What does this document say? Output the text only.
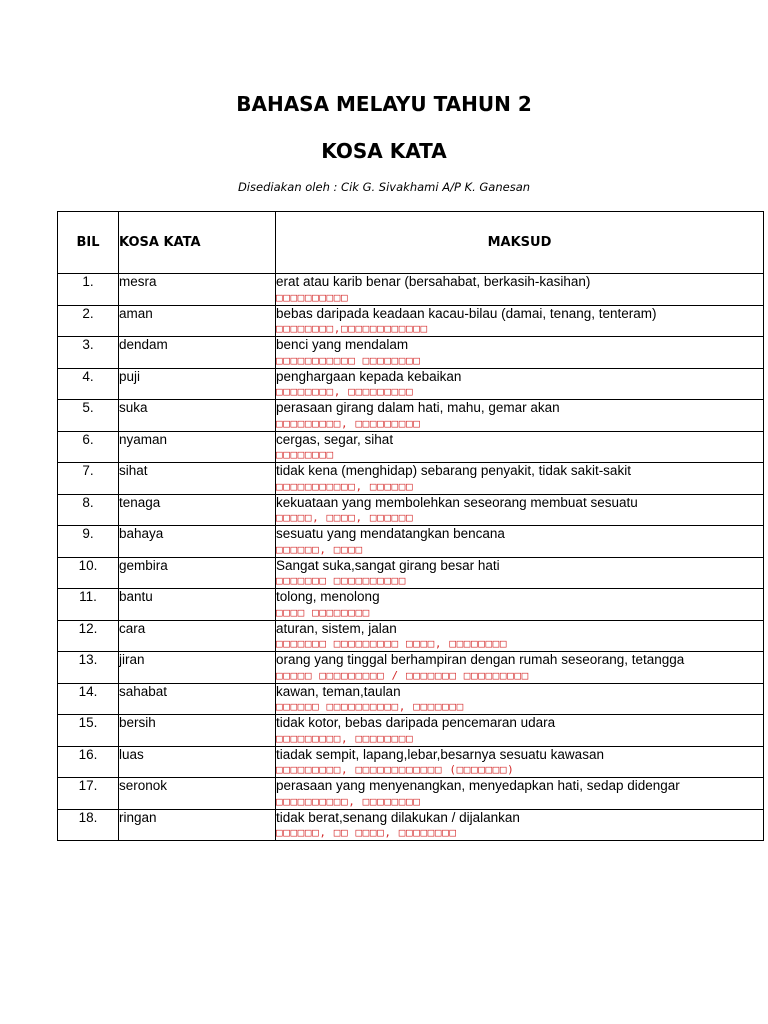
BAHASA MELAYU TAHUN 2
KOSA KATA
Disediakan oleh : Cik G. Sivakhami A/P K. Ganesan
BIL	KOSA KATA	MAKSUD
1.	mesra	erat atau karib benar (bersahabat, berkasih-kasihan)
□□□□□□□□□□

2.	aman	bebas daripada keadaan kacau-bilau (damai, tenang, tenteram)
□□□□□□□□,□□□□□□□□□□□□

3.	dendam	benci yang mendalam
□□□□□□□□□□□ □□□□□□□□

4.	puji	penghargaan kepada kebaikan
□□□□□□□□, □□□□□□□□□

5.	suka	perasaan girang dalam hati, mahu, gemar akan
□□□□□□□□□, □□□□□□□□□

6.	nyaman	cergas, segar, sihat
□□□□□□□□

7.	sihat	tidak kena (menghidap) sebarang penyakit, tidak sakit-sakit
□□□□□□□□□□□, □□□□□□

8.	tenaga	kekuataan yang membolehkan seseorang membuat sesuatu
□□□□□, □□□□, □□□□□□

9.	bahaya	sesuatu yang mendatangkan bencana
□□□□□□, □□□□

10.	gembira	Sangat suka,sangat girang besar hati
□□□□□□□ □□□□□□□□□□

11.	bantu	tolong, menolong
□□□□ □□□□□□□□

12.	cara	aturan, sistem, jalan
□□□□□□□ □□□□□□□□□ □□□□, □□□□□□□□

13.	jiran	orang yang tinggal berhampiran dengan rumah seseorang, tetangga
□□□□□ □□□□□□□□□ / □□□□□□□ □□□□□□□□□

14.	sahabat	kawan, teman,taulan
□□□□□□ □□□□□□□□□□, □□□□□□□

15.	bersih	tidak kotor, bebas daripada pencemaran udara
□□□□□□□□□, □□□□□□□□

16.	luas	tiadak sempit, lapang,lebar,besarnya sesuatu kawasan
□□□□□□□□□, □□□□□□□□□□□□ (□□□□□□□)

17.	seronok	perasaan yang menyenangkan, menyedapkan hati, sedap didengar
□□□□□□□□□□, □□□□□□□□

18.	ringan	tidak berat,senang dilakukan / dijalankan
□□□□□□, □□ □□□□, □□□□□□□□
